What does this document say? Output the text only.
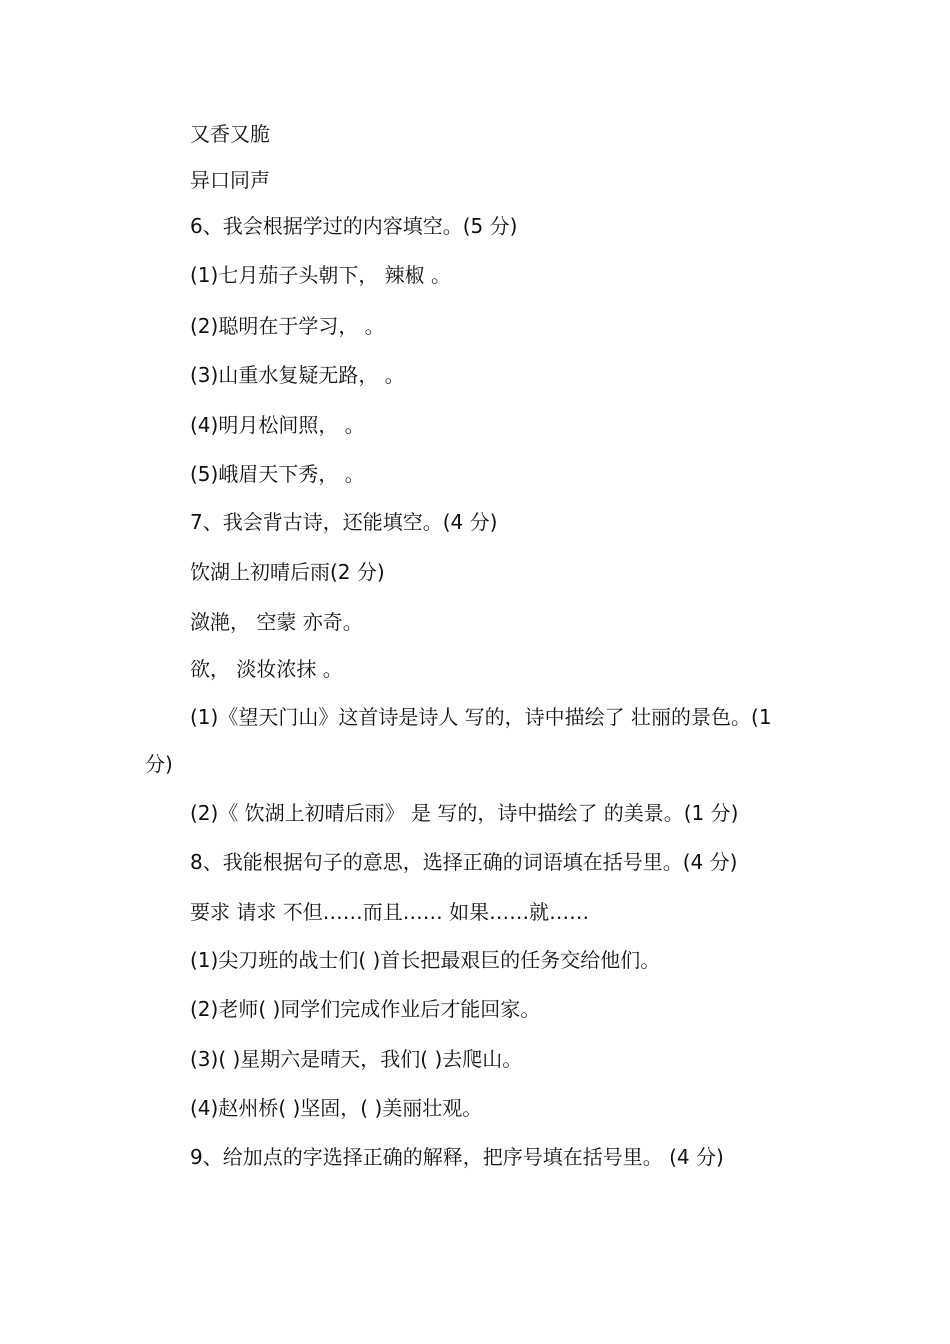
又香又脆
异口同声
6、我会根据学过的内容填空。(5 分)
(1)七月茄子头朝下， 辣椒 。
(2)聪明在于学习， 。
(3)山重水复疑无路， 。
(4)明月松间照， 。
(5)峨眉天下秀， 。
7、我会背古诗，还能填空。(4 分)
饮湖上初晴后雨(2 分)
潋滟， 空蒙 亦奇。
欲， 淡妆浓抹 。
(1)《望天门山》这首诗是诗人 写的，诗中描绘了 壮丽的景色。(1
分)
(2)《 饮湖上初晴后雨》 是 写的，诗中描绘了 的美景。(1 分)
8、我能根据句子的意思，选择正确的词语填在括号里。(4 分)
要求 请求 不但……而且…… 如果……就……
(1)尖刀班的战士们( )首长把最艰巨的任务交给他们。
(2)老师( )同学们完成作业后才能回家。
(3)( )星期六是晴天，我们( )去爬山。
(4)赵州桥( )坚固，( )美丽壮观。
9、给加点的字选择正确的解释，把序号填在括号里。 (4 分)
